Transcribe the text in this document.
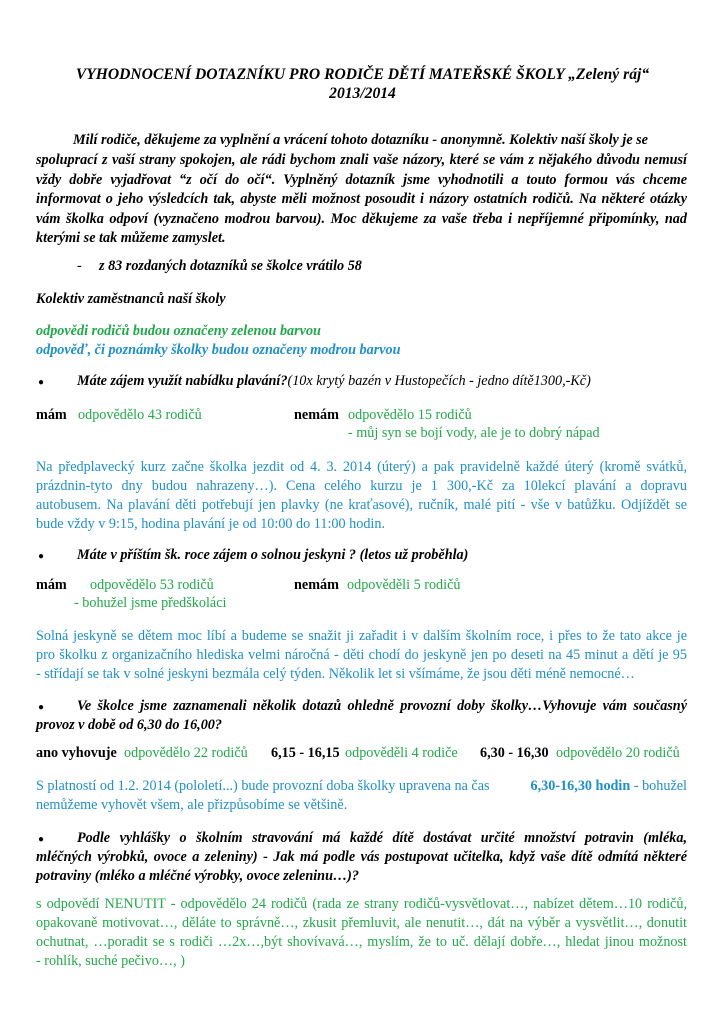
VYHODNOCENÍ DOTAZNÍKU PRO RODIČE DĚTÍ MATEŘSKÉ ŠKOLY „Zelený ráj“
2013/2014
Milí rodiče, děkujeme za vyplnění a vrácení tohoto dotazníku - anonymně. Kolektiv naší školy je se
spoluprací z vaší strany spokojen, ale rádi bychom znali vaše názory, které se vám z nějakého důvodu nemusí
vždy dobře vyjadřovat “z očí do očí“. Vyplněný dotazník jsme vyhodnotili a touto formou vás chceme
informovat o jeho výsledcích tak, abyste měli možnost posoudit i názory ostatních rodičů. Na některé otázky
vám školka odpoví (vyznačeno modrou barvou). Moc děkujeme za vaše třeba i nepříjemné připomínky, nad
kterými se tak můžeme zamyslet.
- z 83 rozdaných dotazníků se školce vrátilo 58
Kolektiv zaměstnanců naší školy
odpovědi rodičů budou označeny zelenou barvou
odpověď, či poznámky školky budou označeny modrou barvou
● Máte zájem využít nabídku plavání?(10x krytý bazén v Hustopečích - jedno dítě1300,-Kč)
mám odpovědělo 43 rodičů	nemám odpovědělo 15 rodičů
- můj syn se bojí vody, ale je to dobrý nápad
Na předplavecký kurz začne školka jezdit od 4. 3. 2014 (úterý) a pak pravidelně každé úterý (kromě svátků,
prázdnin-tyto dny budou nahrazeny…). Cena celého kurzu je 1 300,-Kč za 10lekcí plavání a dopravu
autobusem. Na plavání děti potřebují jen plavky (ne kraťasové), ručník, malé pití - vše v batůžku. Odjíždět se
bude vždy v 9:15, hodina plavání je od 10:00 do 11:00 hodin.
● Máte v příštím šk. roce zájem o solnou jeskyni ? (letos už proběhla)
mám odpovědělo 53 rodičů	nemám odpověděli 5 rodičů
- bohužel jsme předškoláci
Solná jeskyně se dětem moc líbí a budeme se snažit ji zařadit i v dalším školním roce, i přes to že tato akce je
pro školku z organizačního hlediska velmi náročná - děti chodí do jeskyně jen po deseti na 45 minut a dětí je 95
- střídají se tak v solné jeskyni bezmála celý týden. Několik let si všímáme, že jsou děti méně nemocné…
● Ve školce jsme zaznamenali několik dotazů ohledně provozní doby školky…Vyhovuje vám současný
provoz v době od 6,30 do 16,00?
ano vyhovuje odpovědělo 22 rodičů 6,15 - 16,15 odpověděli 4 rodiče 6,30 - 16,30 odpovědělo 20 rodičů
S platností od 1.2. 2014 (pololetí...) bude provozní doba školky upravena na čas	6,30-16,30 hodin - bohužel
nemůžeme vyhovět všem, ale přizpůsobíme se většině.
● Podle vyhlášky o školním stravování má každé dítě dostávat určité množství potravin (mléka,
mléčných výrobků, ovoce a zeleniny) - Jak má podle vás postupovat učitelka, když vaše dítě odmítá některé
potraviny (mléko a mléčné výrobky, ovoce zeleninu…)?
s odpovědí NENUTIT - odpovědělo 24 rodičů (rada ze strany rodičů-vysvětlovat…, nabízet dětem…10 rodičů,
opakovaně motivovat…, děláte to správně…, zkusit přemluvit, ale nenutit…, dát na výběr a vysvětlit…, donutit
ochutnat, …poradit se s rodiči …2x…,být shovívavá…, myslím, že to uč. dělají dobře…, hledat jinou možnost
- rohlík, suché pečivo…, )
